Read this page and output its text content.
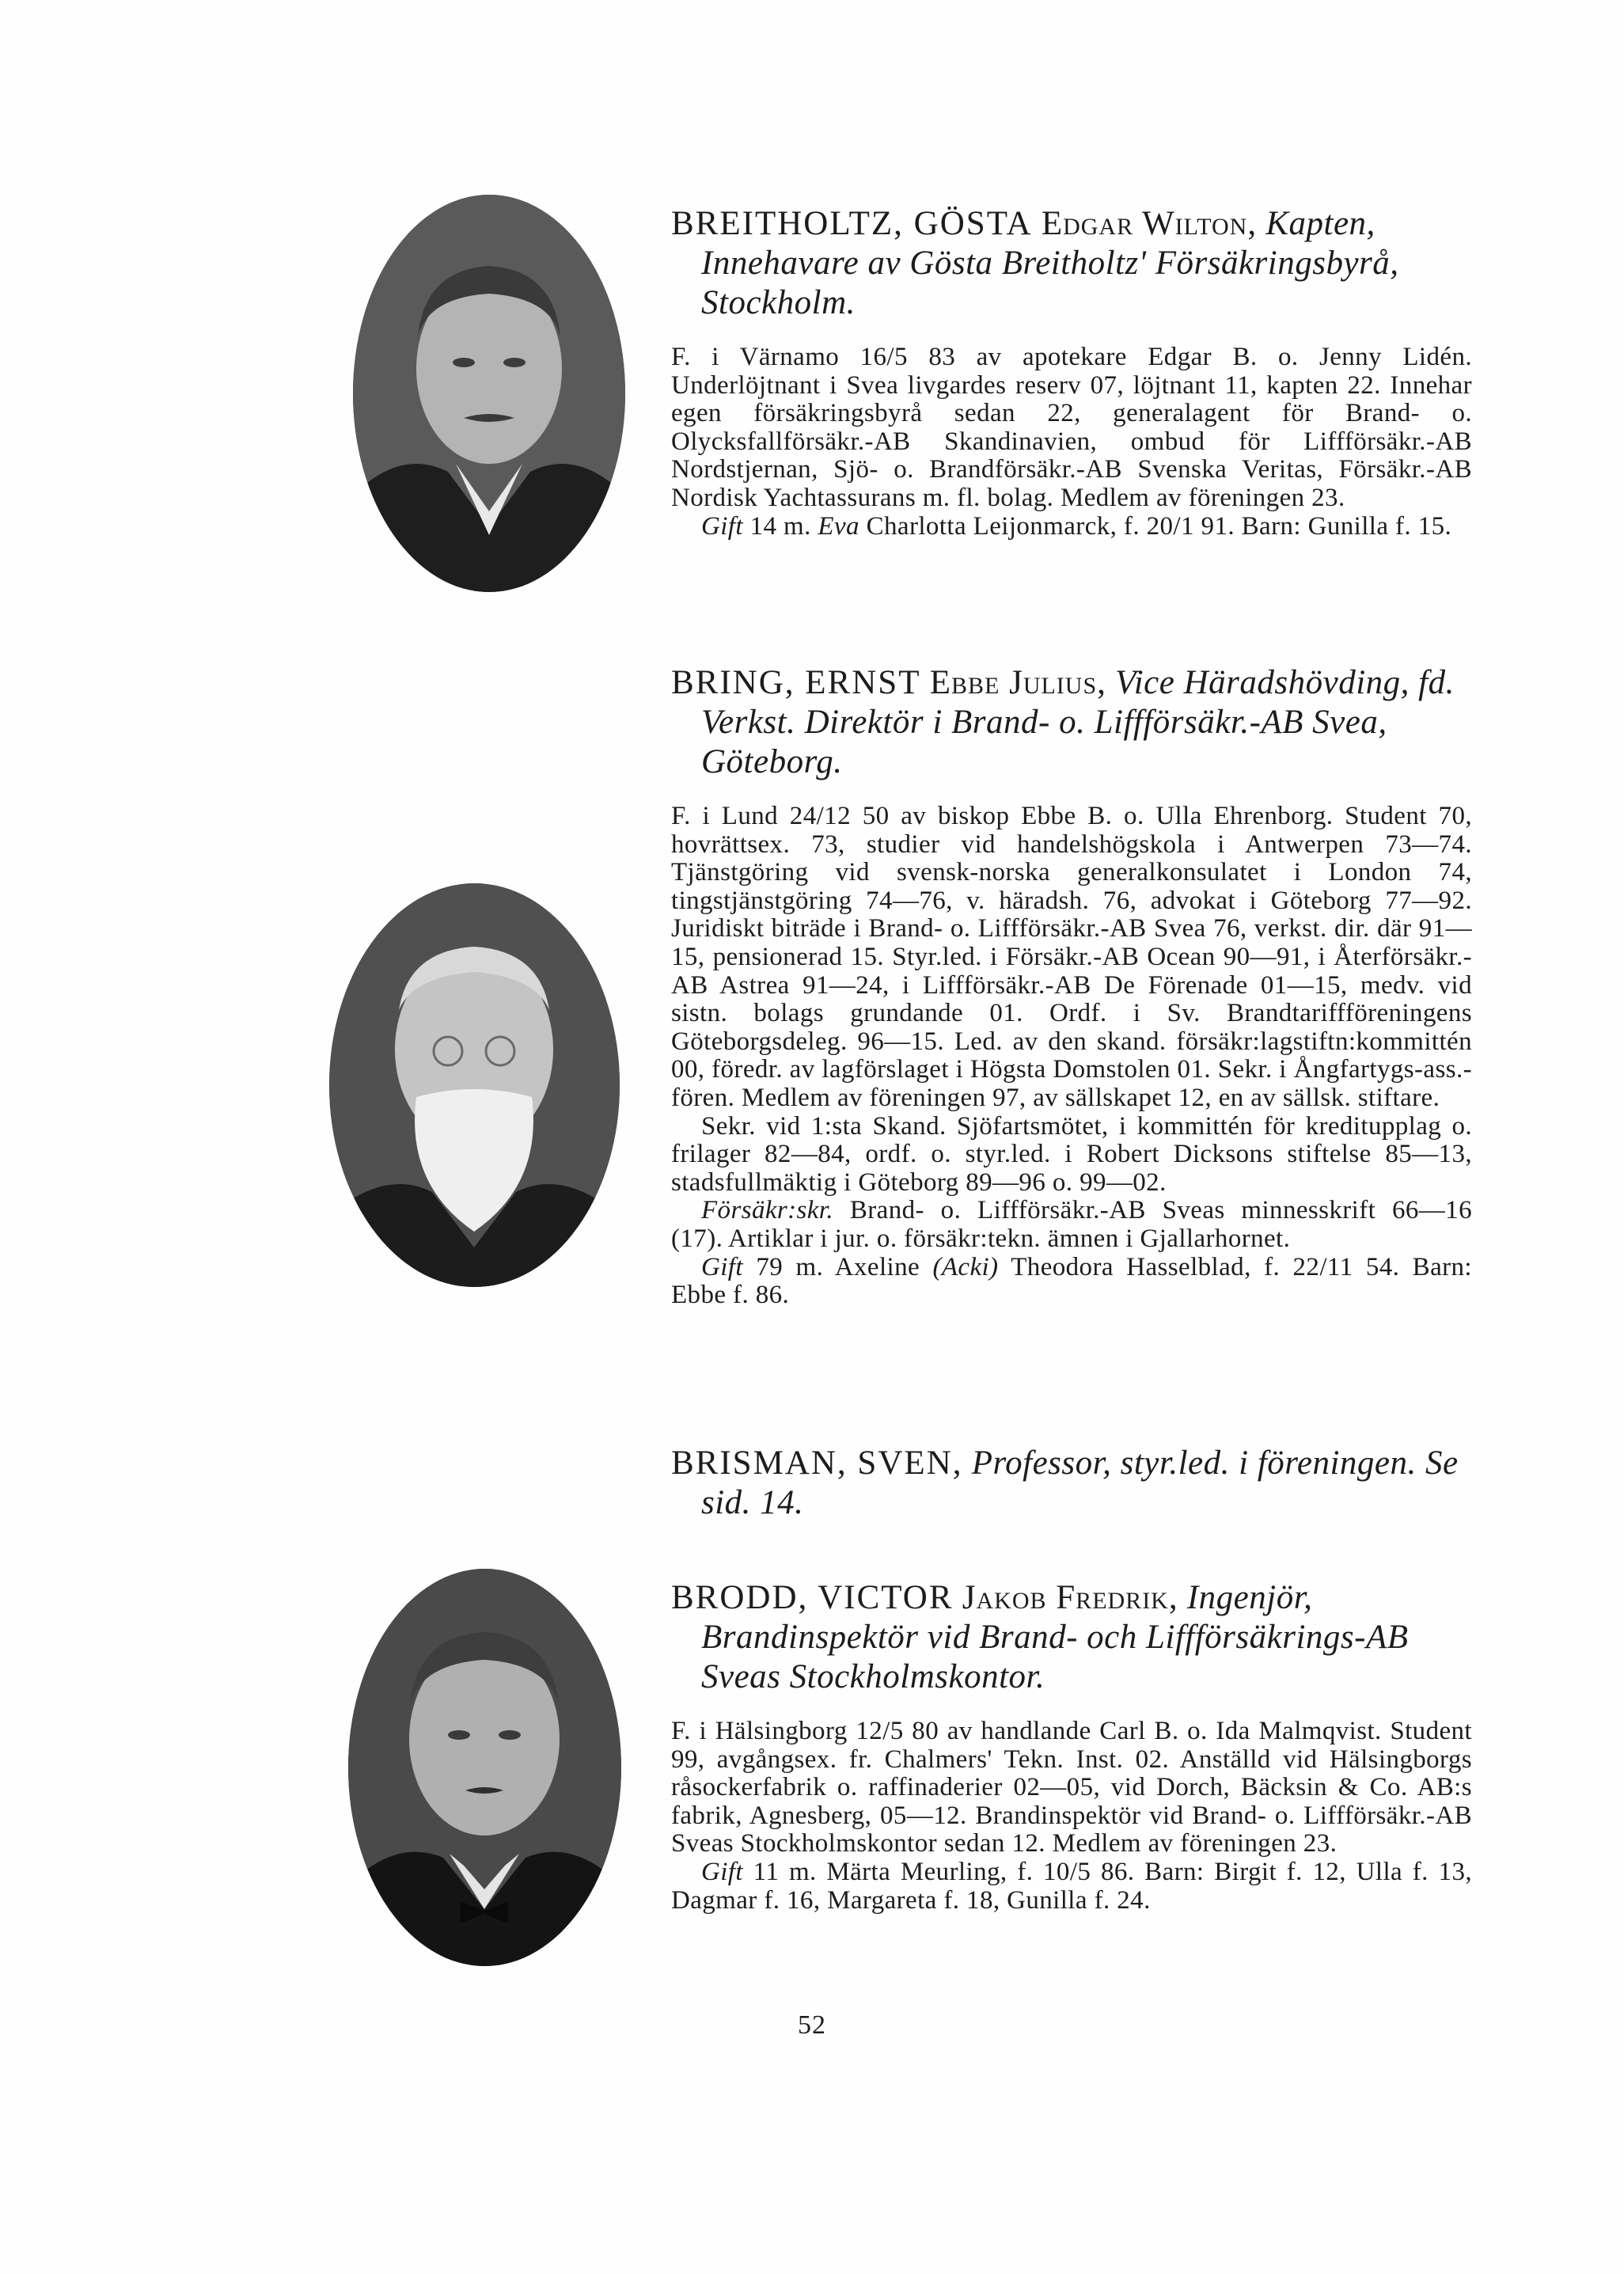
BREITHOLTZ, GÖSTA Edgar Wilton, Kapten, Innehavare av Gösta Breitholtz' Försäkringsbyrå, Stockholm.

F. i Värnamo 16/5 83 av apotekare Edgar B. o. Jenny Lidén. Underlöjtnant i Svea livgardes reserv 07, löjtnant 11, kapten 22. Innehar egen försäkringsbyrå sedan 22, generalagent för Brand- o. Olycksfallförsäkr.-AB Skandinavien, ombud för Liffförsäkr.-AB Nordstjernan, Sjö- o. Brandförsäkr.-AB Svenska Veritas, Försäkr.-AB Nordisk Yachtassurans m. fl. bolag. Medlem av föreningen 23.

Gift 14 m. Eva Charlotta Leijonmarck, f. 20/1 91. Barn: Gunilla f. 15.

BRING, ERNST Ebbe Julius, Vice Häradshövding, fd. Verkst. Direktör i Brand- o. Liffförsäkr.-AB Svea, Göteborg.

F. i Lund 24/12 50 av biskop Ebbe B. o. Ulla Ehrenborg. Student 70, hovrättsex. 73, studier vid handelshögskola i Antwerpen 73—74. Tjänstgöring vid svensk-norska generalkonsulatet i London 74, tingstjänstgöring 74—76, v. häradsh. 76, advokat i Göteborg 77—92. Juridiskt biträde i Brand- o. Liffförsäkr.-AB Svea 76, verkst. dir. där 91—15, pensionerad 15. Styr.led. i Försäkr.-AB Ocean 90—91, i Återförsäkr.-AB Astrea 91—24, i Liffförsäkr.-AB De Förenade 01—15, medv. vid sistn. bolags grundande 01. Ordf. i Sv. Brandtariffföreningens Göteborgsdeleg. 96—15. Led. av den skand. försäkr:lagstiftn:kommittén 00, föredr. av lagförslaget i Högsta Domstolen 01. Sekr. i Ångfartygs-ass.-fören. Medlem av föreningen 97, av sällskapet 12, en av sällsk. stiftare.

Sekr. vid 1:sta Skand. Sjöfartsmötet, i kommittén för kreditupplag o. frilager 82—84, ordf. o. styr.led. i Robert Dicksons stiftelse 85—13, stadsfullmäktig i Göteborg 89—96 o. 99—02.

Försäkr:skr. Brand- o. Liffförsäkr.-AB Sveas minnesskrift 66—16 (17). Artiklar i jur. o. försäkr:tekn. ämnen i Gjallarhornet.

Gift 79 m. Axeline (Acki) Theodora Hasselblad, f. 22/11 54. Barn: Ebbe f. 86.

BRISMAN, SVEN, Professor, styr.led. i föreningen. Se sid. 14.
BRODD, VICTOR Jakob Fredrik, Ingenjör, Brandinspektör vid Brand- och Liffförsäkrings-AB Sveas Stockholmskontor.

F. i Hälsingborg 12/5 80 av handlande Carl B. o. Ida Malmqvist. Student 99, avgångsex. fr. Chalmers' Tekn. Inst. 02. Anställd vid Hälsingborgs råsockerfabrik o. raffinaderier 02—05, vid Dorch, Bäcksin & Co. AB:s fabrik, Agnesberg, 05—12. Brandinspektör vid Brand- o. Liffförsäkr.-AB Sveas Stockholmskontor sedan 12. Medlem av föreningen 23.

Gift 11 m. Märta Meurling, f. 10/5 86. Barn: Birgit f. 12, Ulla f. 13, Dagmar f. 16, Margareta f. 18, Gunilla f. 24.

52
